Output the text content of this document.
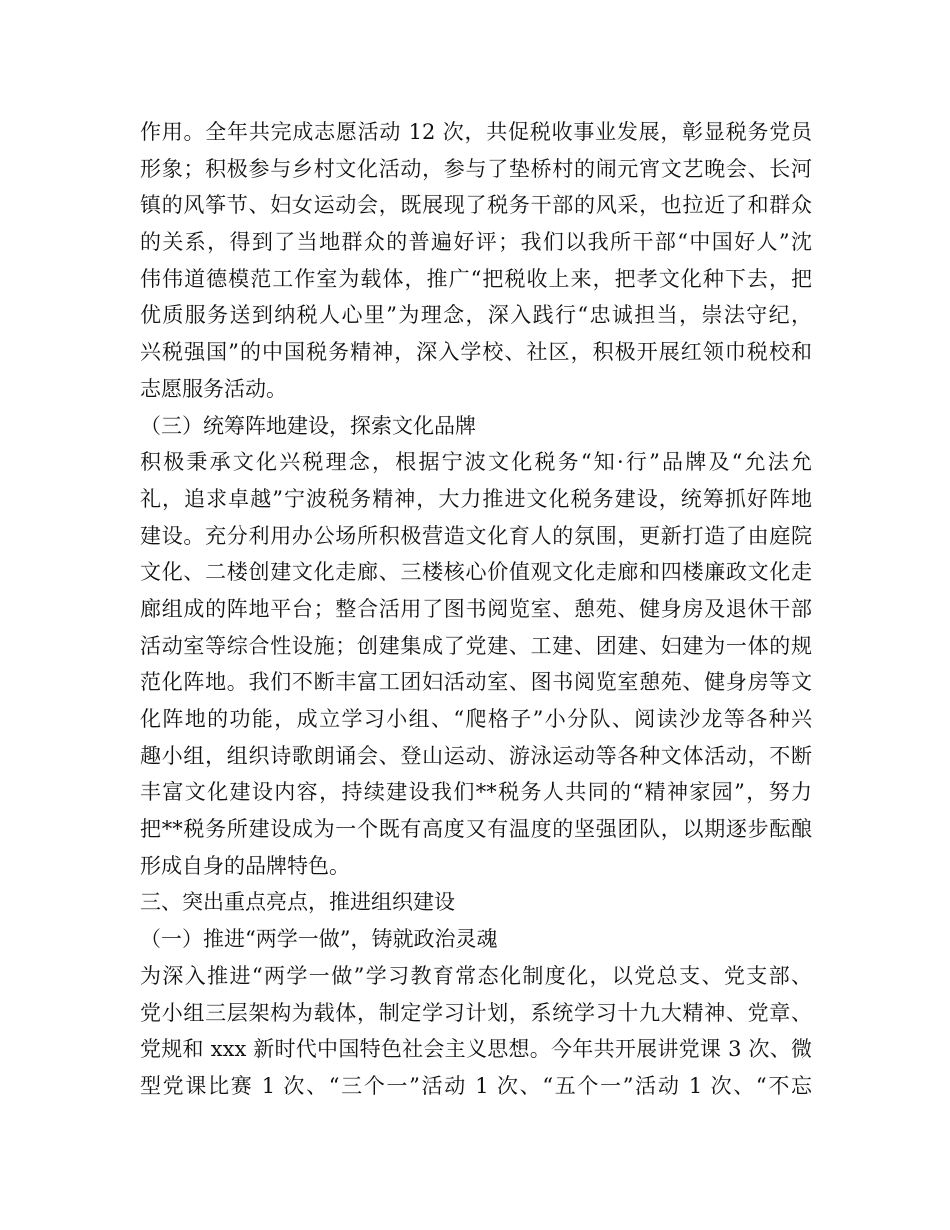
作用。全年共完成志愿活动 12 次，共促税收事业发展，彰显税务党员
形象；积极参与乡村文化活动，参与了垫桥村的闹元宵文艺晚会、长河
镇的风筝节、妇女运动会，既展现了税务干部的风采，也拉近了和群众
的关系，得到了当地群众的普遍好评；我们以我所干部“中国好人”沈
伟伟道德模范工作室为载体，推广“把税收上来，把孝文化种下去，把
优质服务送到纳税人心里”为理念，深入践行“忠诚担当，崇法守纪，
兴税强国”的中国税务精神，深入学校、社区，积极开展红领巾税校和
志愿服务活动。
（三）统筹阵地建设，探索文化品牌
积极秉承文化兴税理念，根据宁波文化税务“知·行”品牌及“允法允
礼，追求卓越”宁波税务精神，大力推进文化税务建设，统筹抓好阵地
建设。充分利用办公场所积极营造文化育人的氛围，更新打造了由庭院
文化、二楼创建文化走廊、三楼核心价值观文化走廊和四楼廉政文化走
廊组成的阵地平台；整合活用了图书阅览室、憩苑、健身房及退休干部
活动室等综合性设施；创建集成了党建、工建、团建、妇建为一体的规
范化阵地。我们不断丰富工团妇活动室、图书阅览室憩苑、健身房等文
化阵地的功能，成立学习小组、“爬格子”小分队、阅读沙龙等各种兴
趣小组，组织诗歌朗诵会、登山运动、游泳运动等各种文体活动，不断
丰富文化建设内容，持续建设我们**税务人共同的“精神家园”，努力
把**税务所建设成为一个既有高度又有温度的坚强团队，以期逐步酝酿
形成自身的品牌特色。
三、突出重点亮点，推进组织建设
（一）推进“两学一做”，铸就政治灵魂
为深入推进“两学一做”学习教育常态化制度化，以党总支、党支部、
党小组三层架构为载体，制定学习计划，系统学习十九大精神、党章、
党规和 xxx 新时代中国特色社会主义思想。今年共开展讲党课 3 次、微
型党课比赛 1 次、“三个一”活动 1 次、“五个一”活动 1 次、“不忘
